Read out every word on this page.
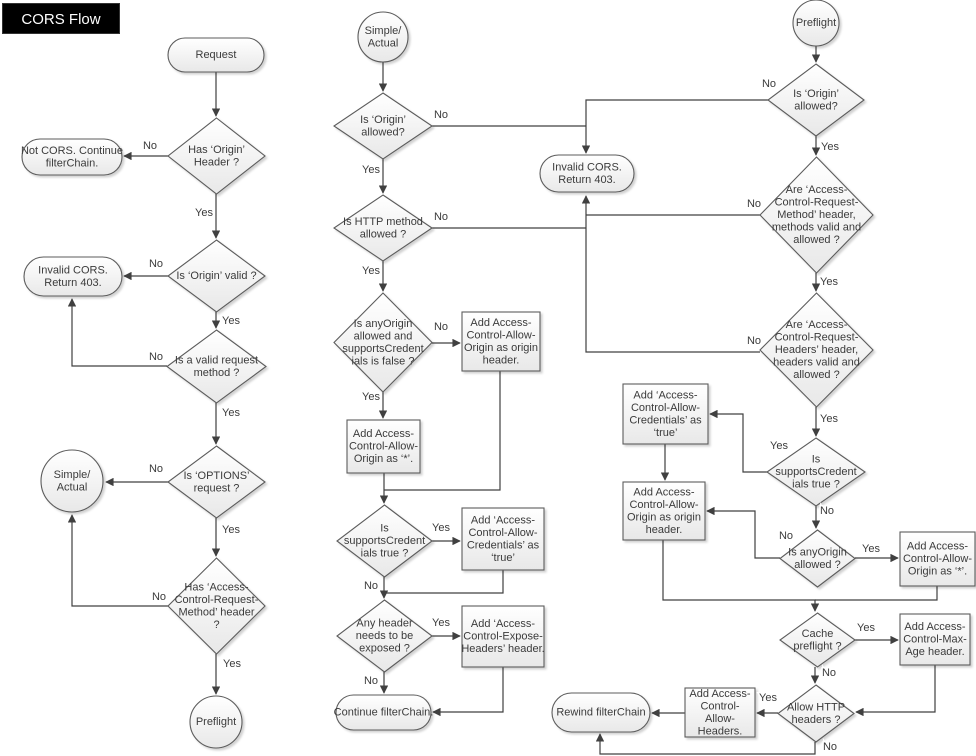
Request
Has ‘Origin’ Header ?
Not CORS. Continue filterChain.
Is ‘Origin’ valid ?
Invalid CORS. Return 403.
Is a valid request method ?
Is ‘OPTIONS’ request ?
Simple/ Actual
Has ‘Access-Control-Request-Method’ header ?
Preflight
Simple/ Actual
Is ‘Origin’ allowed?
Is HTTP method allowed ?
Is anyOrigin allowed and supportsCredent ials is false ?
Add Access-Control-Allow-Origin as origin header.
Add Access-Control-Allow-Origin as ‘*’.
Is supportsCredent ials true ?
Add ‘Access-Control-Allow-Credentials’ as ‘true’
Any header needs to be exposed ?
Add ‘Access-Control-Expose-Headers’ header.
Continue filterChain.
Invalid CORS. Return 403.
Preflight
Is ‘Origin’ allowed?
Are ‘Access-Control-Request-Method’ header, methods valid and allowed ?
Are ‘Access-Control-Request-Headers’ header, headers valid and allowed ?
Is supportsCredent ials true ?
Add ‘Access-Control-Allow-Credentials’ as ‘true’
Add Access-Control-Allow-Origin as origin header.
Is anyOrigin allowed ?
Add Access-Control-Allow-Origin as ‘*’.
Cache preflight ?
Add Access-Control-Max-Age header.
Allow HTTP headers ?
Add Access-Control-Allow-Headers.
Rewind filterChain
No
Yes
No
Yes
No
Yes
No
Yes
No
Yes
No
Yes
No
Yes
No
Yes
Yes
No
Yes
No
No
No
No
Yes
Yes
Yes
Yes
No
No
Yes
Yes
No
Yes
No
CORS Flow Chart
